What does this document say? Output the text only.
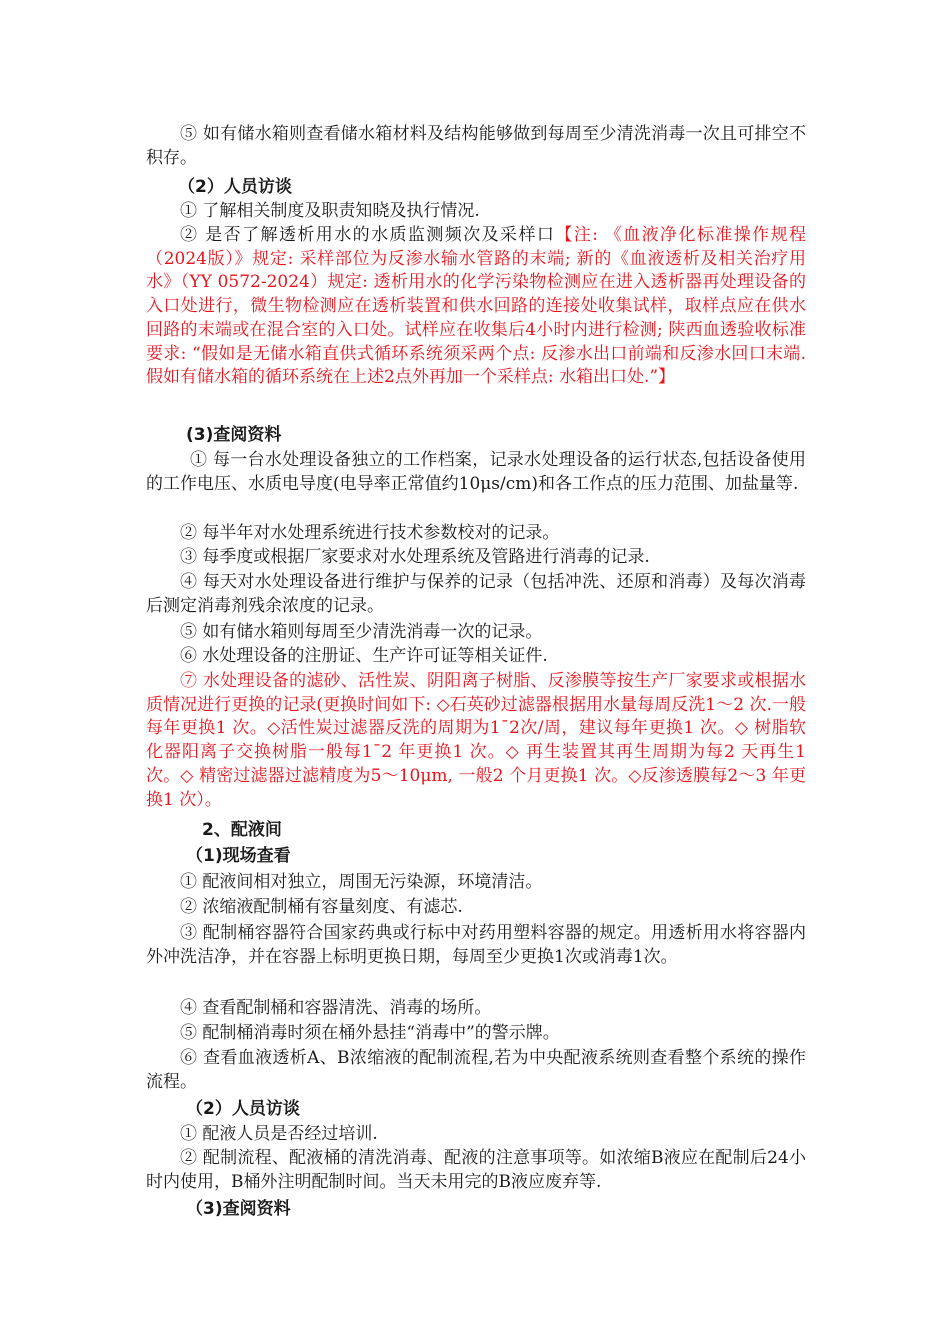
⑤ 如有储水箱则查看储水箱材料及结构能够做到每周至少清洗消毒一次且可排空不积存。
（2）人员访谈
① 了解相关制度及职责知晓及执行情况.
② 是否了解透析用水的水质监测频次及采样口【注: 《血液净化标准操作规程（2024版）》规定: 采样部位为反渗水输水管路的末端; 新的《血液透析及相关治疗用水》（YY 0572-2024）规定: 透析用水的化学污染物检测应在进入透析器再处理设备的入口处进行，微生物检测应在透析装置和供水回路的连接处收集试样，取样点应在供水回路的末端或在混合室的入口处。试样应在收集后4小时内进行检测; 陕西血透验收标准要求: “假如是无储水箱直供式循环系统须采两个点: 反渗水出口前端和反渗水回口末端.假如有储水箱的循环系统在上述2点外再加一个采样点: 水箱出口处.”】
(3)查阅资料
① 每一台水处理设备独立的工作档案，记录水处理设备的运行状态,包括设备使用的工作电压、水质电导度(电导率正常值约10μs/cm)和各工作点的压力范围、加盐量等.
② 每半年对水处理系统进行技术参数校对的记录。
③ 每季度或根据厂家要求对水处理系统及管路进行消毒的记录.
④ 每天对水处理设备进行维护与保养的记录（包括冲洗、还原和消毒）及每次消毒后测定消毒剂残余浓度的记录。
⑤ 如有储水箱则每周至少清洗消毒一次的记录。
⑥ 水处理设备的注册证、生产许可证等相关证件.
⑦ 水处理设备的滤砂、活性炭、阴阳离子树脂、反渗膜等按生产厂家要求或根据水质情况进行更换的记录(更换时间如下: ◇石英砂过滤器根据用水量每周反洗1～2 次.一般每年更换1 次。◇活性炭过滤器反洗的周期为1¯2次/周，建议每年更换1 次。◇ 树脂软化器阳离子交换树脂一般每1¯2 年更换1 次。◇ 再生装置其再生周期为每2 天再生1 次。◇ 精密过滤器过滤精度为5～10μm, 一般2 个月更换1 次。◇反渗透膜每2～3 年更换1 次）。
2、配液间
（1)现场查看
① 配液间相对独立，周围无污染源，环境清洁。
② 浓缩液配制桶有容量刻度、有滤芯.
③ 配制桶容器符合国家药典或行标中对药用塑料容器的规定。用透析用水将容器内外冲洗洁净，并在容器上标明更换日期，每周至少更换1次或消毒1次。
④ 查看配制桶和容器清洗、消毒的场所。
⑤ 配制桶消毒时须在桶外悬挂“消毒中”的警示牌。
⑥ 查看血液透析A、B浓缩液的配制流程,若为中央配液系统则查看整个系统的操作流程。
（2）人员访谈
① 配液人员是否经过培训.
② 配制流程、配液桶的清洗消毒、配液的注意事项等。如浓缩B液应在配制后24小时内使用，B桶外注明配制时间。当天未用完的B液应废弃等.
（3)查阅资料
